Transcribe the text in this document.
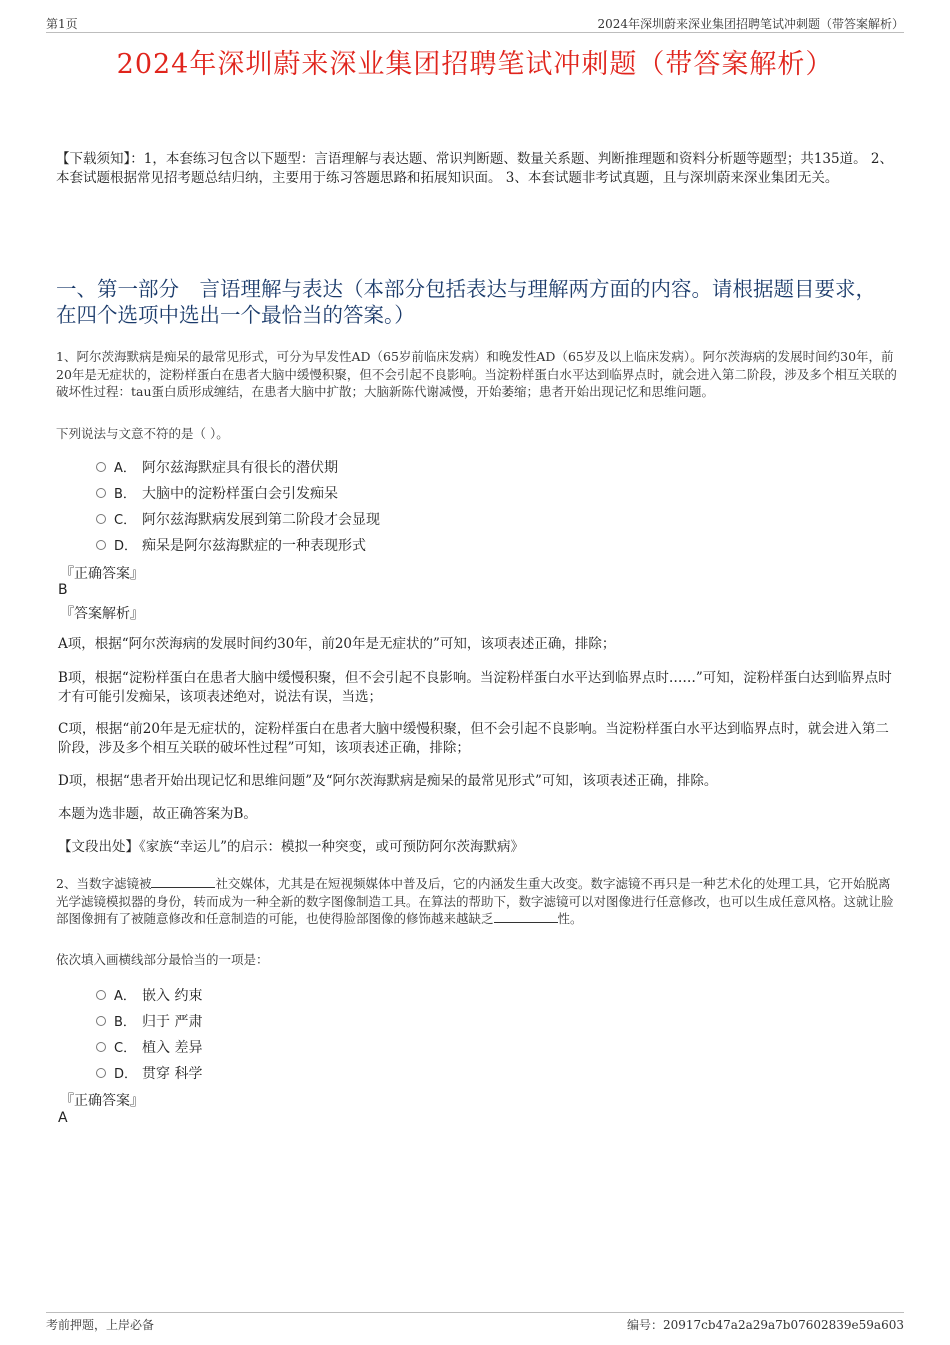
第1页	2024年深圳蔚来深业集团招聘笔试冲刺题（带答案解析）
2024年深圳蔚来深业集团招聘笔试冲刺题（带答案解析）
【下载须知】：1，本套练习包含以下题型：言语理解与表达题、常识判断题、数量关系题、判断推理题和资料分析题等题型；共135道。 2、本套试题根据常见招考题总结归纳，主要用于练习答题思路和拓展知识面。 3、本套试题非考试真题，且与深圳蔚来深业集团无关。
一、第一部分　言语理解与表达（本部分包括表达与理解两方面的内容。请根据题目要求，在四个选项中选出一个最恰当的答案。）
1、阿尔茨海默病是痴呆的最常见形式，可分为早发性AD（65岁前临床发病）和晚发性AD（65岁及以上临床发病）。阿尔茨海病的发展时间约30年，前20年是无症状的，淀粉样蛋白在患者大脑中缓慢积聚，但不会引起不良影响。当淀粉样蛋白水平达到临界点时，就会进入第二阶段，涉及多个相互关联的破坏性过程：tau蛋白质形成缠结，在患者大脑中扩散；大脑新陈代谢减慢，开始萎缩；患者开始出现记忆和思维问题。
下列说法与文意不符的是（ ）。
A． 阿尔兹海默症具有很长的潜伏期
B． 大脑中的淀粉样蛋白会引发痴呆
C． 阿尔兹海默病发展到第二阶段才会显现
D． 痴呆是阿尔兹海默症的一种表现形式
『正确答案』
B
『答案解析』
A项，根据“阿尔茨海病的发展时间约30年，前20年是无症状的”可知，该项表述正确，排除；
B项，根据“淀粉样蛋白在患者大脑中缓慢积聚，但不会引起不良影响。当淀粉样蛋白水平达到临界点时……”可知，淀粉样蛋白达到临界点时才有可能引发痴呆，该项表述绝对，说法有误，当选；
C项，根据“前20年是无症状的，淀粉样蛋白在患者大脑中缓慢积聚，但不会引起不良影响。当淀粉样蛋白水平达到临界点时，就会进入第二阶段，涉及多个相互关联的破坏性过程”可知，该项表述正确，排除；
D项，根据“患者开始出现记忆和思维问题”及“阿尔茨海默病是痴呆的最常见形式”可知，该项表述正确，排除。
本题为选非题，故正确答案为B。
【文段出处】《家族“幸运儿”的启示：模拟一种突变，或可预防阿尔茨海默病》
2、当数字滤镜被	社交媒体，尤其是在短视频媒体中普及后，它的内涵发生重大改变。数字滤镜不再只是一种艺术化的处理工具，它开始脱离光学滤镜模拟器的身份，转而成为一种全新的数字图像制造工具。在算法的帮助下，数字滤镜可以对图像进行任意修改，也可以生成任意风格。这就让脸部图像拥有了被随意修改和任意制造的可能，也使得脸部图像的修饰越来越缺乏	性。
依次填入画横线部分最恰当的一项是：
A． 嵌入 约束
B． 归于 严肃
C． 植入 差异
D． 贯穿 科学
『正确答案』
A
考前押题，上岸必备	编号：20917cb47a2a29a7b07602839e59a603
